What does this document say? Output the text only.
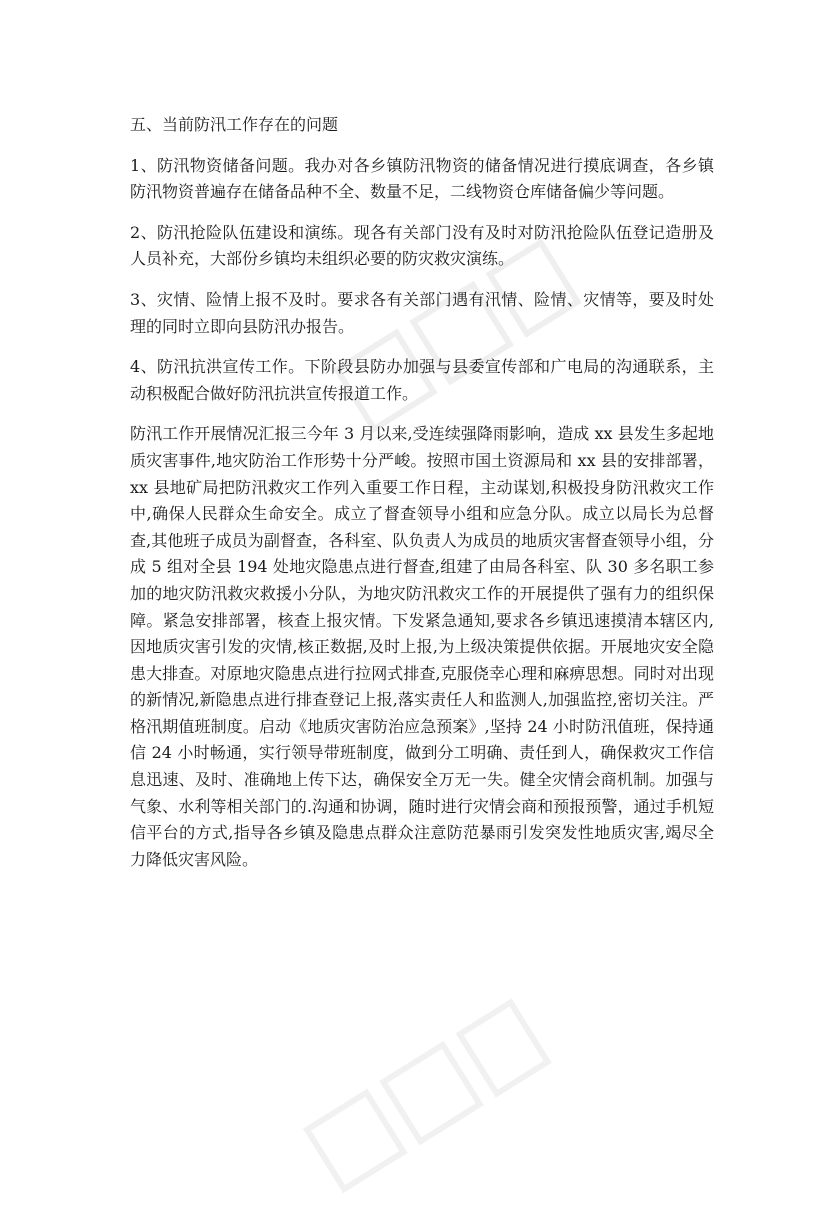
五、当前防汛工作存在的问题

1、防汛物资储备问题。我办对各乡镇防汛物资的储备情况进行摸底调查，各乡镇防汛物资普遍存在储备品种不全、数量不足，二线物资仓库储备偏少等问题。

2、防汛抢险队伍建设和演练。现各有关部门没有及时对防汛抢险队伍登记造册及人员补充，大部份乡镇均未组织必要的防灾救灾演练。

3、灾情、险情上报不及时。要求各有关部门遇有汛情、险情、灾情等，要及时处理的同时立即向县防汛办报告。

4、防汛抗洪宣传工作。下阶段县防办加强与县委宣传部和广电局的沟通联系，主动积极配合做好防汛抗洪宣传报道工作。

防汛工作开展情况汇报三今年 3 月以来,受连续强降雨影响，造成 xx 县发生多起地质灾害事件,地灾防治工作形势十分严峻。按照市国土资源局和 xx 县的安排部署，xx 县地矿局把防汛救灾工作列入重要工作日程，主动谋划,积极投身防汛救灾工作中,确保人民群众生命安全。成立了督查领导小组和应急分队。成立以局长为总督查,其他班子成员为副督查，各科室、队负责人为成员的地质灾害督查领导小组，分成 5 组对全县 194 处地灾隐患点进行督查,组建了由局各科室、队 30 多名职工参加的地灾防汛救灾救援小分队，为地灾防汛救灾工作的开展提供了强有力的组织保障。紧急安排部署，核查上报灾情。下发紧急通知,要求各乡镇迅速摸清本辖区内,因地质灾害引发的灾情,核正数据,及时上报,为上级决策提供依据。开展地灾安全隐患大排查。对原地灾隐患点进行拉网式排查,克服侥幸心理和麻痹思想。同时对出现的新情况,新隐患点进行排查登记上报,落实责任人和监测人,加强监控,密切关注。严格汛期值班制度。启动《地质灾害防治应急预案》,坚持 24 小时防汛值班，保持通信 24 小时畅通，实行领导带班制度，做到分工明确、责任到人，确保救灾工作信息迅速、及时、准确地上传下达，确保安全万无一失。健全灾情会商机制。加强与气象、水利等相关部门的.沟通和协调，随时进行灾情会商和预报预警，通过手机短信平台的方式,指导各乡镇及隐患点群众注意防范暴雨引发突发性地质灾害,竭尽全力降低灾害风险。
